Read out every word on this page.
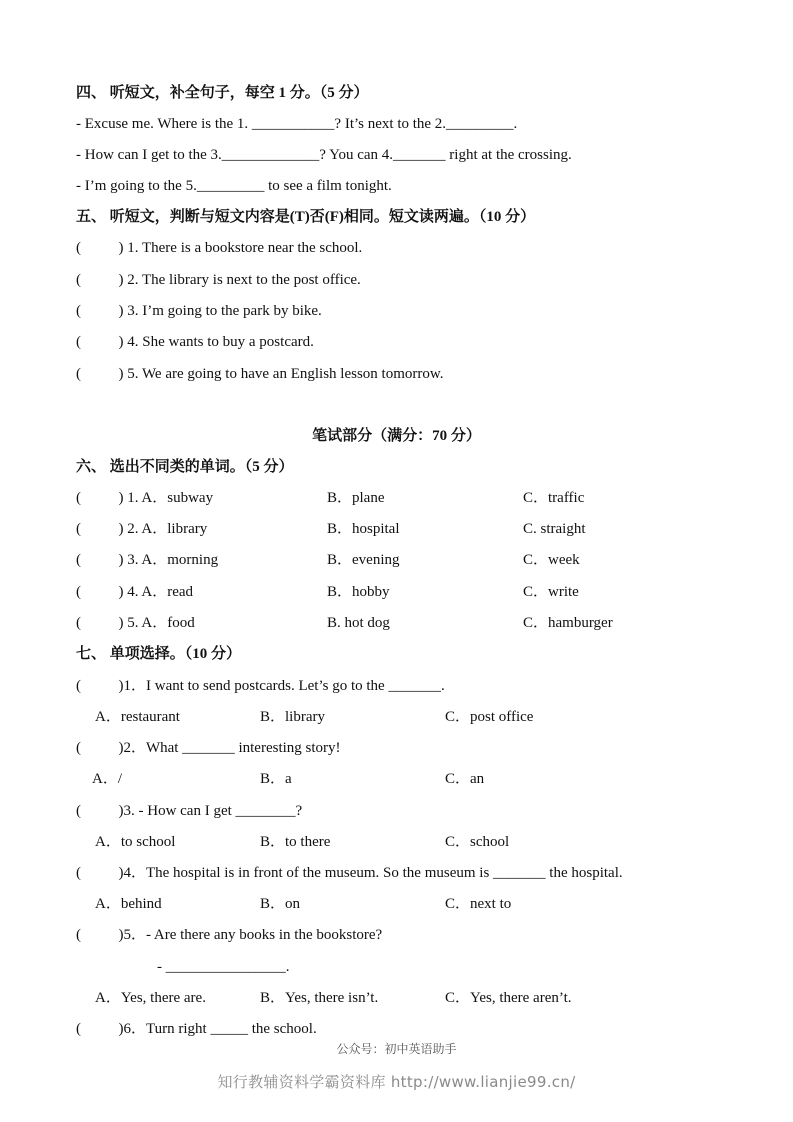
四、 听短文，补全句子，每空 1 分。（5 分）
- Excuse me. Where is the 1. ___________? It’s next to the 2._________.
- How can I get to the 3._____________? You can 4._______ right at the crossing.
- I’m going to the 5._________ to see a film tonight.
五、 听短文，判断与短文内容是(T)否(F)相同。短文读两遍。（10 分）
(          ) 1. There is a bookstore near the school.
(          ) 2. The library is next to the post office.
(          ) 3. I’m going to the park by bike.
(          ) 4. She wants to buy a postcard.
(          ) 5. We are going to have an English lesson tomorrow.
笔试部分（满分：70 分）
六、 选出不同类的单词。（5 分）
(          ) 1. A．subway	B．plane	C．traffic
(          ) 2. A．library	B．hospital	C. straight
(          ) 3. A．morning	B．evening	C．week
(          ) 4. A．read	B．hobby	C．write
(          ) 5. A．food	B. hot dog	C．hamburger
七、 单项选择。（10 分）
(          )1．I want to send postcards. Let’s go to the _______.
A．restaurant	B．library	C．post office
(          )2．What _______ interesting story!
A．/	B．a	C．an
(          )3. - How can I get ________?
A．to school	B．to there	C．school
(          )4．The hospital is in front of the museum. So the museum is _______ the hospital.
A．behind	B．on	C．next to
(          )5．- Are there any books in the bookstore?
- ________________.
A．Yes, there are.	B．Yes, there isn’t.	C．Yes, there aren’t.
(          )6．Turn right _____ the school.
公众号：初中英语助手
知行教辅资料学霸资料库 http://www.lianjie99.cn/
